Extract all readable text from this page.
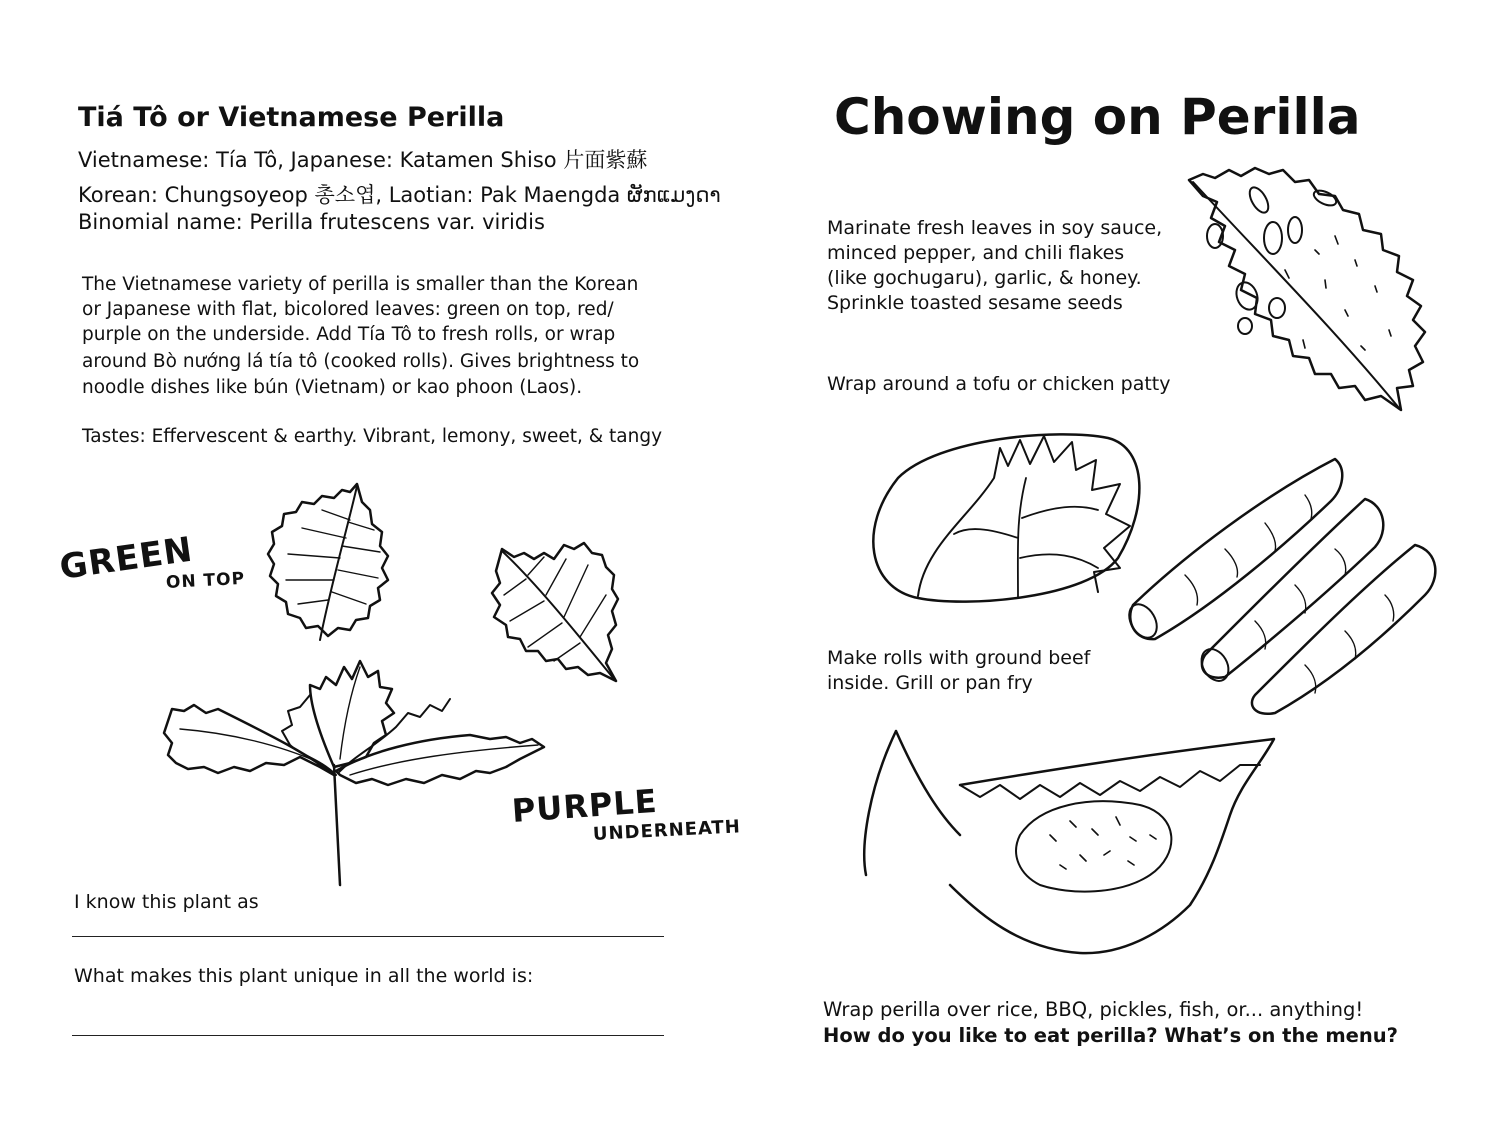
Tiá Tô or Vietnamese Perilla
Vietnamese: Tía Tô, Japanese: Katamen Shiso 片面紫蘇
Korean: Chungsoyeop 총소엽, Laotian: Pak Maengda ຜັກແມງດາ
Binomial name: Perilla frutescens var. viridis
The Vietnamese variety of perilla is smaller than the Korean
or Japanese with flat, bicolored leaves: green on top, red/
purple on the underside. Add Tía Tô to fresh rolls, or wrap
around Bò nướng lá tía tô (cooked rolls). Gives brightness to
noodle dishes like bún (Vietnam) or kao phoon (Laos).
Tastes: Effervescent & earthy. Vibrant, lemony, sweet, & tangy
GREEN
ON TOP
PURPLE
UNDERNEATH
I know this plant as
What makes this plant unique in all the world is:
Chowing on Perilla
Marinate fresh leaves in soy sauce,
minced pepper, and chili flakes
(like gochugaru), garlic, & honey.
Sprinkle toasted sesame seeds
Wrap around a tofu or chicken patty
Make rolls with ground beef
inside. Grill or pan fry
Wrap perilla over rice, BBQ, pickles, fish, or... anything!
How do you like to eat perilla? What’s on the menu?
